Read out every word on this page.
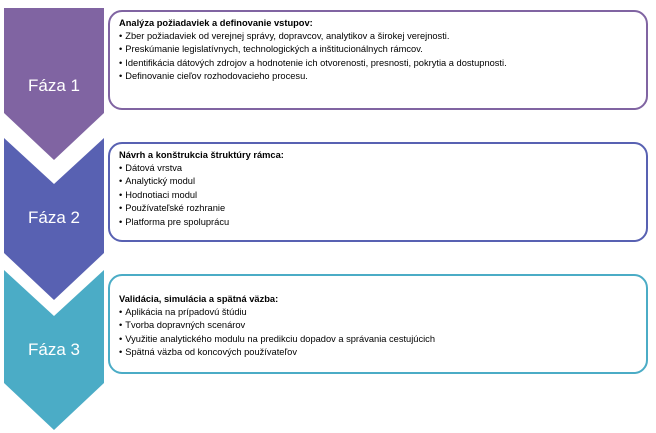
Fáza 1
Analýza požiadaviek a definovanie vstupov:
• Zber požiadaviek od verejnej správy, dopravcov, analytikov a širokej verejnosti.
• Preskúmanie legislatívnych, technologických a inštitucionálnych rámcov.
• Identifikácia dátových zdrojov a hodnotenie ich otvorenosti, presnosti, pokrytia a dostupnosti.
• Definovanie cieľov rozhodovacieho procesu.
Fáza 2
Návrh a konštrukcia štruktúry rámca:
• Dátová vrstva
• Analytický modul
• Hodnotiaci modul
• Používateľské rozhranie
• Platforma pre spoluprácu
Fáza 3
Validácia, simulácia a spätná väzba:
• Aplikácia na prípadovú štúdiu
• Tvorba dopravných scenárov
• Využitie analytického modulu na predikciu dopadov a správania cestujúcich
• Spätná väzba od koncových používateľov
